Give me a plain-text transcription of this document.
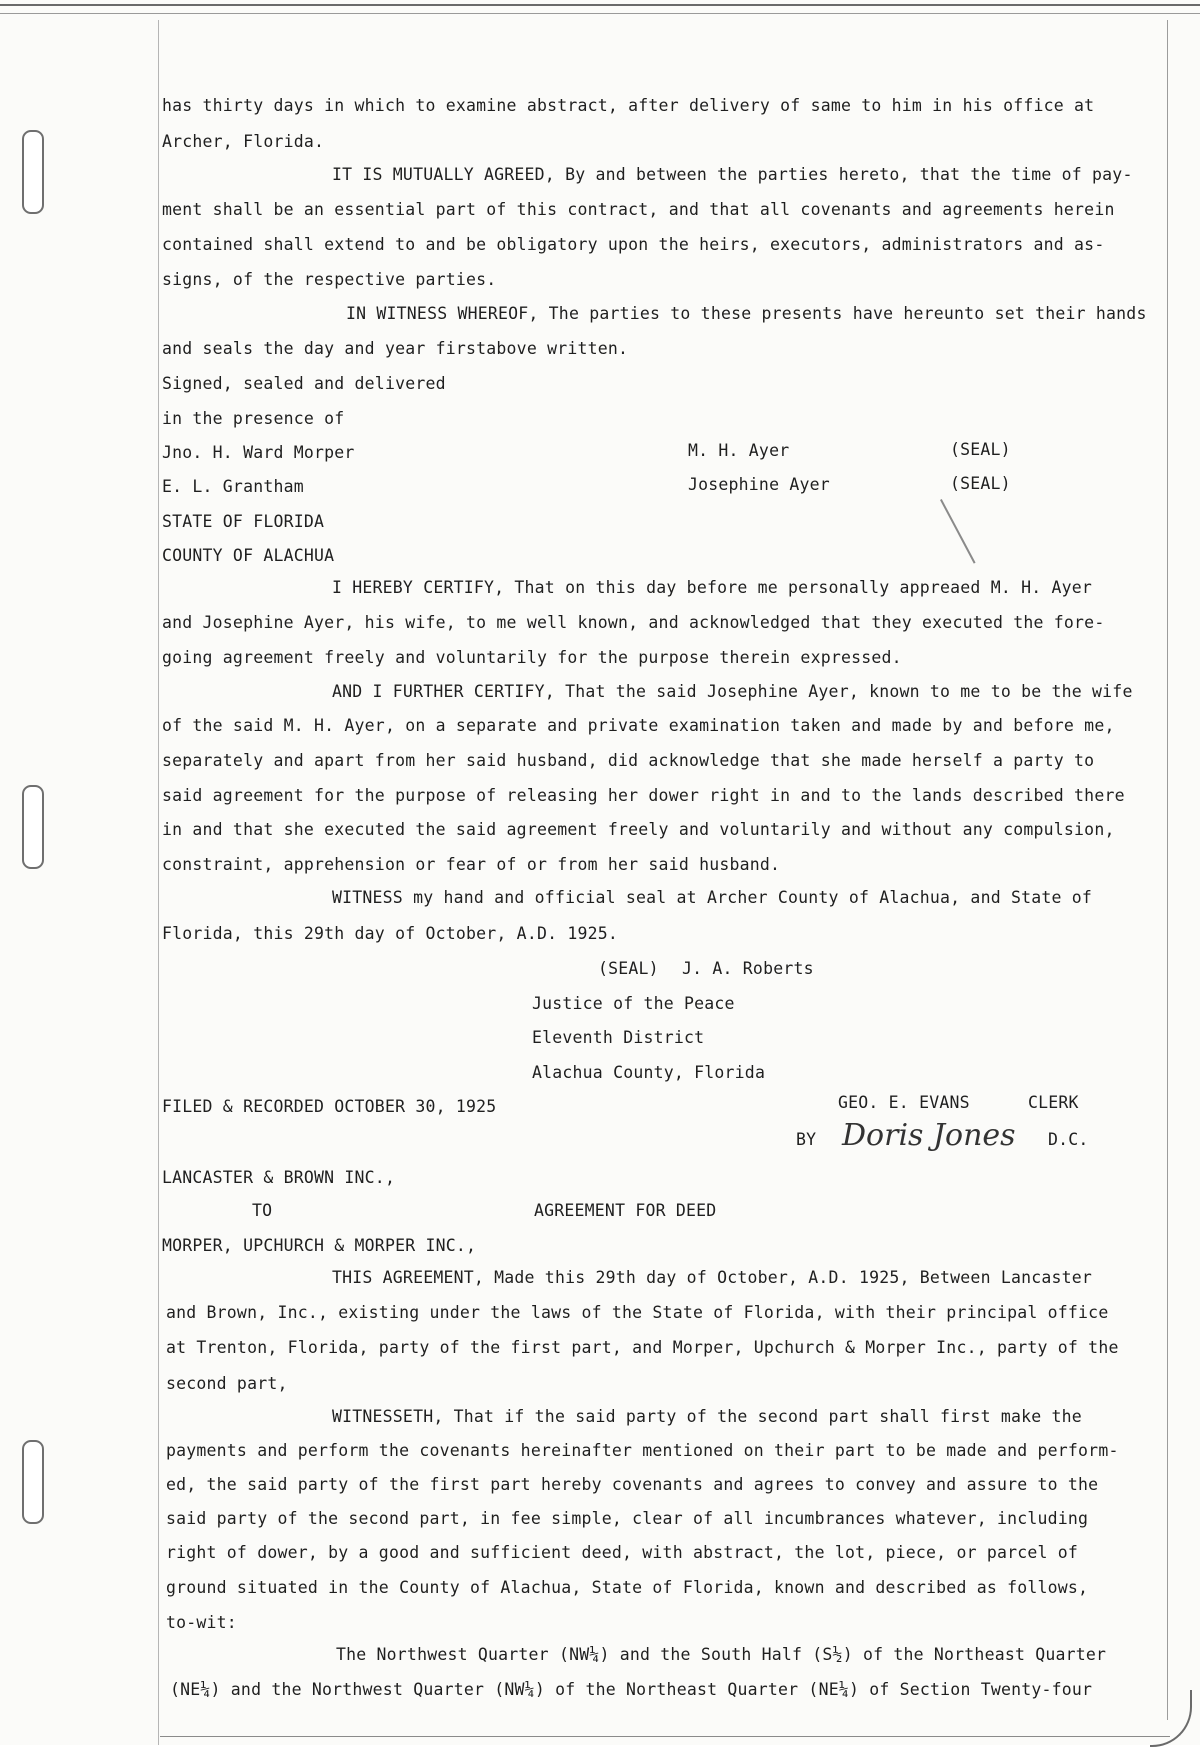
has thirty days in which to examine abstract, after delivery of same to him in his office at
Archer, Florida.
IT IS MUTUALLY AGREED, By and between the parties hereto, that the time of pay-
ment shall be an essential part of this contract, and that all covenants and agreements herein
contained shall extend to and be obligatory upon the heirs, executors, administrators and as-
signs, of the respective parties.
IN WITNESS WHEREOF, The parties to these presents have hereunto set their hands
and seals the day and year firstabove written.
Signed, sealed and delivered
in the presence of
Jno. H. Ward Morper
E. L. Grantham
STATE OF FLORIDA
COUNTY OF ALACHUA
I HEREBY CERTIFY, That on this day before me personally appreaed M. H. Ayer
and Josephine Ayer, his wife, to me well known, and acknowledged that they executed the fore-
going agreement freely and voluntarily for the purpose therein expressed.
AND I FURTHER CERTIFY, That the said Josephine Ayer, known to me to be the wife
of the said M. H. Ayer, on a separate and private examination taken and made by and before me,
separately and apart from her said husband, did acknowledge that she made herself a party to
said agreement for the purpose of releasing her dower right in and to the lands described there
in and that she executed the said agreement freely and voluntarily and without any compulsion,
constraint, apprehension or fear of or from her said husband.
WITNESS my hand and official seal at Archer County of Alachua, and State of
Florida, this 29th day of October, A.D. 1925.
FILED & RECORDED OCTOBER 30, 1925
LANCASTER & BROWN INC.,
TO
MORPER, UPCHURCH & MORPER INC.,
THIS AGREEMENT, Made this 29th day of October, A.D. 1925, Between Lancaster
and Brown, Inc., existing under the laws of the State of Florida, with their principal office
at Trenton, Florida, party of the first part, and Morper, Upchurch & Morper Inc., party of the
second part,
WITNESSETH, That if the said party of the second part shall first make the
payments and perform the covenants hereinafter mentioned on their part to be made and perform-
ed, the said party of the first part hereby covenants and agrees to convey and assure to the
said party of the second part, in fee simple, clear of all incumbrances whatever, including
right of dower, by a good and sufficient deed, with abstract, the lot, piece, or parcel of
ground situated in the County of Alachua, State of Florida, known and described as follows,
to-wit:
The Northwest Quarter (NW¼) and the South Half (S½) of the Northeast Quarter
(NE¼) and the Northwest Quarter (NW¼) of the Northeast Quarter (NE¼) of Section Twenty-four
M. H. Ayer	(SEAL)
Josephine Ayer	(SEAL)
(SEAL) J. A. Roberts
Justice of the Peace
Eleventh District
Alachua County, Florida
GEO. E. EVANS	CLERK
BY Doris Jones D.C.
AGREEMENT FOR DEED
